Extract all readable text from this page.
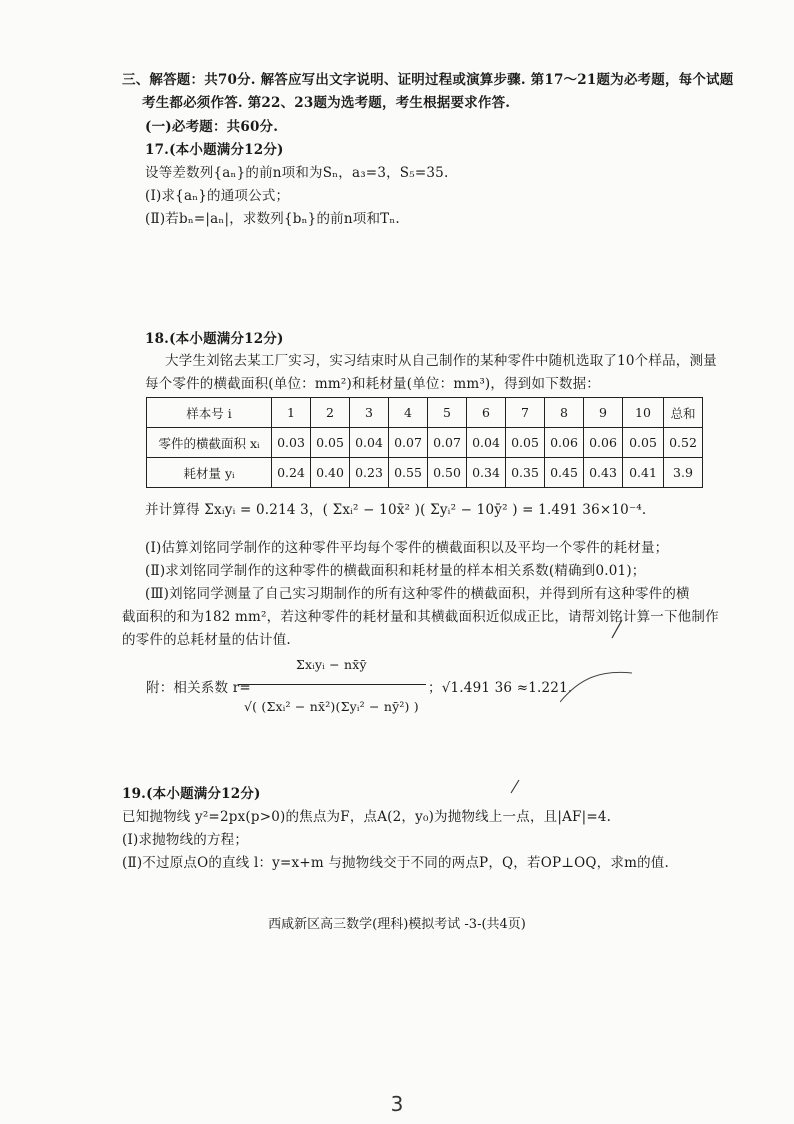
三、解答题：共70分. 解答应写出文字说明、证明过程或演算步骤. 第17～21题为必考题，每个试题
考生都必须作答. 第22、23题为选考题，考生根据要求作答.
(一)必考题：共60分.
17.(本小题满分12分)
设等差数列{aₙ}的前n项和为Sₙ，a₃=3，S₅=35.
(Ⅰ)求{aₙ}的通项公式；
(Ⅱ)若bₙ=|aₙ|，求数列{bₙ}的前n项和Tₙ.
18.(本小题满分12分)
大学生刘铭去某工厂实习，实习结束时从自己制作的某种零件中随机选取了10个样品，测量
每个零件的横截面积(单位：mm²)和耗材量(单位：mm³)，得到如下数据：
样本号 i	1	2	3	4	5	6	7	8	9	10	总和
零件的横截面积 xᵢ	0.03	0.05	0.04	0.07	0.07	0.04	0.05	0.06	0.06	0.05	0.52
耗材量 yᵢ	0.24	0.40	0.23	0.55	0.50	0.34	0.35	0.45	0.43	0.41	3.9
并计算得 Σxᵢyᵢ = 0.214 3，( Σxᵢ² − 10x̄² )( Σyᵢ² − 10ȳ² ) = 1.491 36×10⁻⁴.
(Ⅰ)估算刘铭同学制作的这种零件平均每个零件的横截面积以及平均一个零件的耗材量；
(Ⅱ)求刘铭同学制作的这种零件的横截面积和耗材量的样本相关系数(精确到0.01)；
(Ⅲ)刘铭同学测量了自己实习期制作的所有这种零件的横截面积，并得到所有这种零件的横
截面积的和为182 mm²，若这种零件的耗材量和其横截面积近似成正比，请帮刘铭计算一下他制作
的零件的总耗材量的估计值.
附：相关系数 r=
Σxᵢyᵢ − nx̄ȳ
√( (Σxᵢ² − nx̄²)(Σyᵢ² − nȳ²) )
；√1.491 36 ≈1.221.
19.(本小题满分12分)
已知抛物线 y²=2px(p>0)的焦点为F，点A(2，y₀)为抛物线上一点，且|AF|=4.
(Ⅰ)求抛物线的方程；
(Ⅱ)不过原点O的直线 l：y=x+m 与抛物线交于不同的两点P，Q，若OP⊥OQ，求m的值.
西咸新区高三数学(理科)模拟考试 -3-(共4页)
3
